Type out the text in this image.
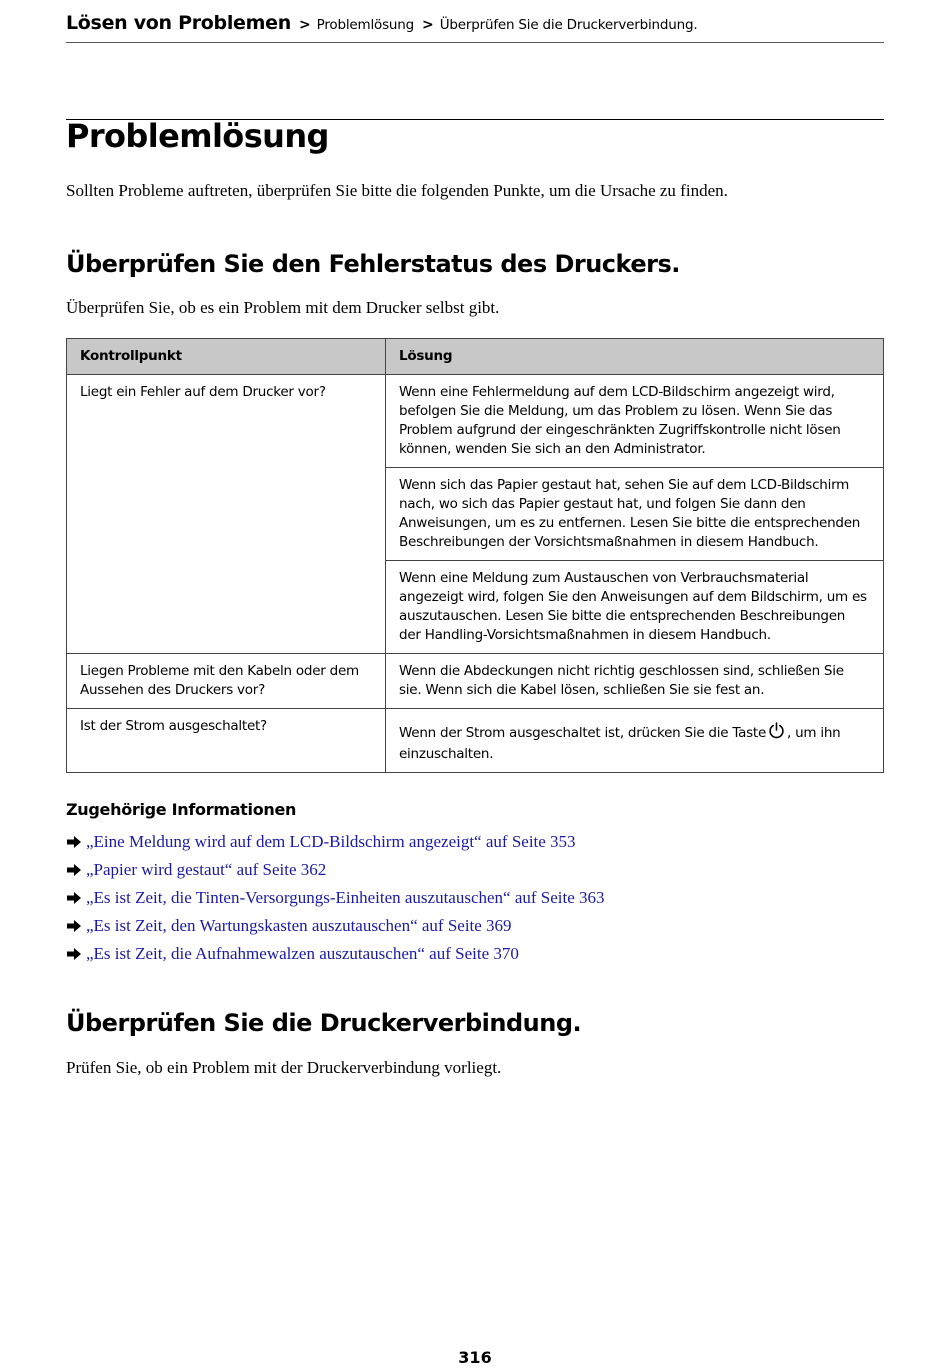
Lösen von Problemen > Problemlösung > Überprüfen Sie die Druckerverbindung.
Problemlösung

Sollten Probleme auftreten, überprüfen Sie bitte die folgenden Punkte, um die Ursache zu finden.

Überprüfen Sie den Fehlerstatus des Druckers.

Überprüfen Sie, ob es ein Problem mit dem Drucker selbst gibt.

Kontrollpunkt	Lösung
Liegt ein Fehler auf dem Drucker vor?	Wenn eine Fehlermeldung auf dem LCD-Bildschirm angezeigt wird, befolgen Sie die Meldung, um das Problem zu lösen. Wenn Sie das Problem aufgrund der eingeschränkten Zugriffskontrolle nicht lösen können, wenden Sie sich an den Administrator.
	Wenn sich das Papier gestaut hat, sehen Sie auf dem LCD-Bildschirm nach, wo sich das Papier gestaut hat, und folgen Sie dann den Anweisungen, um es zu entfernen. Lesen Sie bitte die entsprechenden Beschreibungen der Vorsichtsmaßnahmen in diesem Handbuch.
	Wenn eine Meldung zum Austauschen von Verbrauchsmaterial angezeigt wird, folgen Sie den Anweisungen auf dem Bildschirm, um es auszutauschen. Lesen Sie bitte die entsprechenden Beschreibungen der Handling-Vorsichtsmaßnahmen in diesem Handbuch.
Liegen Probleme mit den Kabeln oder dem Aussehen des Druckers vor?	Wenn die Abdeckungen nicht richtig geschlossen sind, schließen Sie sie. Wenn sich die Kabel lösen, schließen Sie sie fest an.
Ist der Strom ausgeschaltet?	Wenn der Strom ausgeschaltet ist, drücken Sie die Taste , um ihn einzuschalten.
Zugehörige Informationen
„Eine Meldung wird auf dem LCD-Bildschirm angezeigt“ auf Seite 353
„Papier wird gestaut“ auf Seite 362
„Es ist Zeit, die Tinten-Versorgungs-Einheiten auszutauschen“ auf Seite 363
„Es ist Zeit, den Wartungskasten auszutauschen“ auf Seite 369
„Es ist Zeit, die Aufnahmewalzen auszutauschen“ auf Seite 370
Überprüfen Sie die Druckerverbindung.

Prüfen Sie, ob ein Problem mit der Druckerverbindung vorliegt.

316
